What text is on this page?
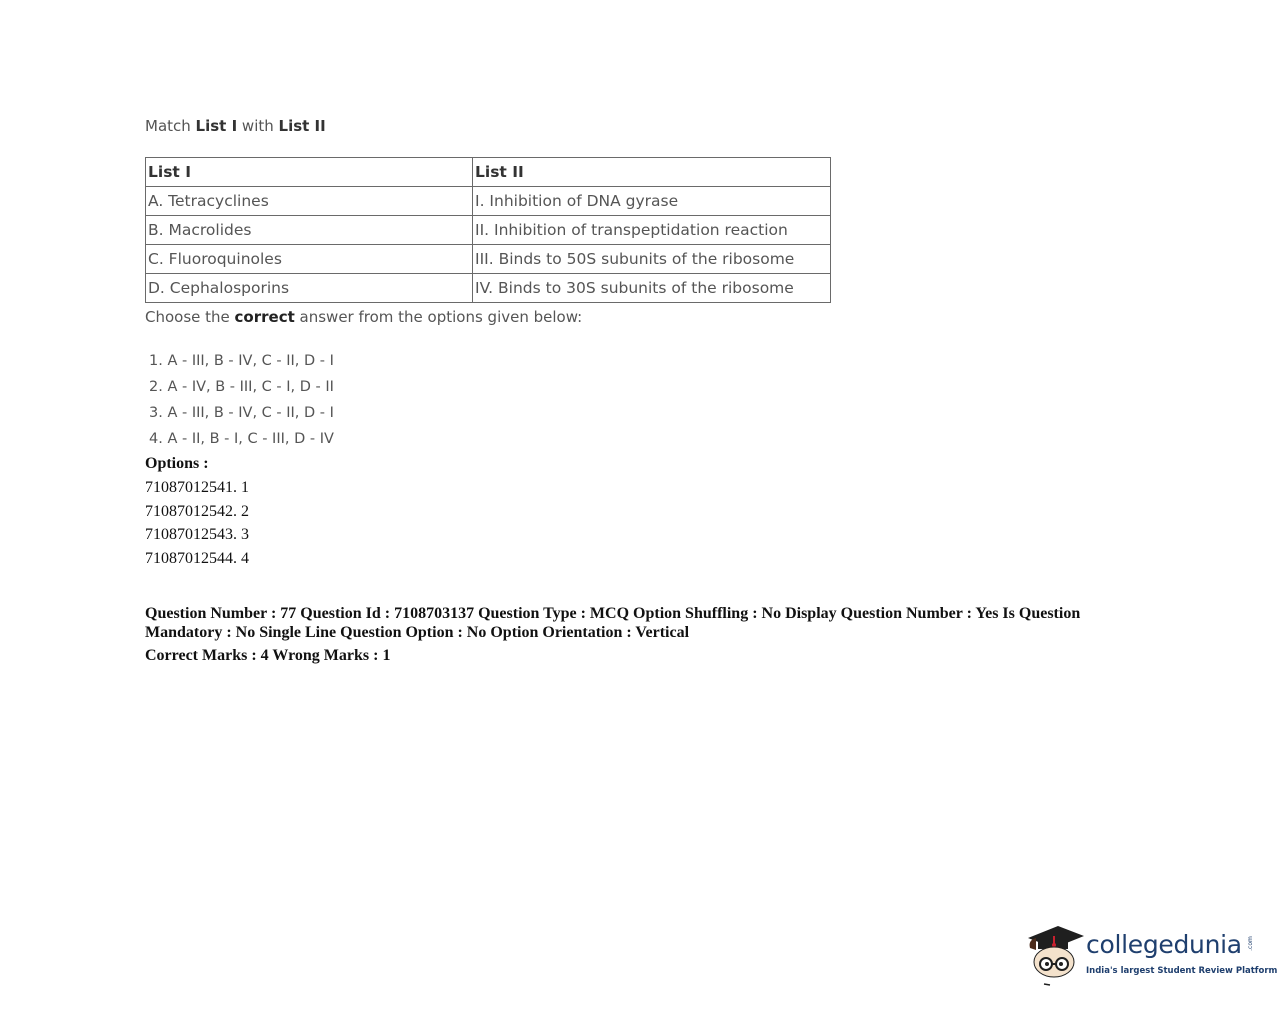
Match List I with List II
List I	List II
A. Tetracyclines	I. Inhibition of DNA gyrase
B. Macrolides	II. Inhibition of transpeptidation reaction
C. Fluoroquinoles	III. Binds to 50S subunits of the ribosome
D. Cephalosporins	IV. Binds to 30S subunits of the ribosome
Choose the correct answer from the options given below:
1. A - III, B - IV, C - II, D - I
2. A - IV, B - III, C - I, D - II
3. A - III, B - IV, C - II, D - I
4. A - II, B - I, C - III, D - IV
Options :
71087012541. 1
71087012542. 2
71087012543. 3
71087012544. 4
Question Number : 77 Question Id : 7108703137 Question Type : MCQ Option Shuffling : No Display Question Number : Yes Is Question Mandatory : No Single Line Question Option : No Option Orientation : Vertical
Correct Marks : 4 Wrong Marks : 1
collegedunia .com
India's largest Student Review Platform
